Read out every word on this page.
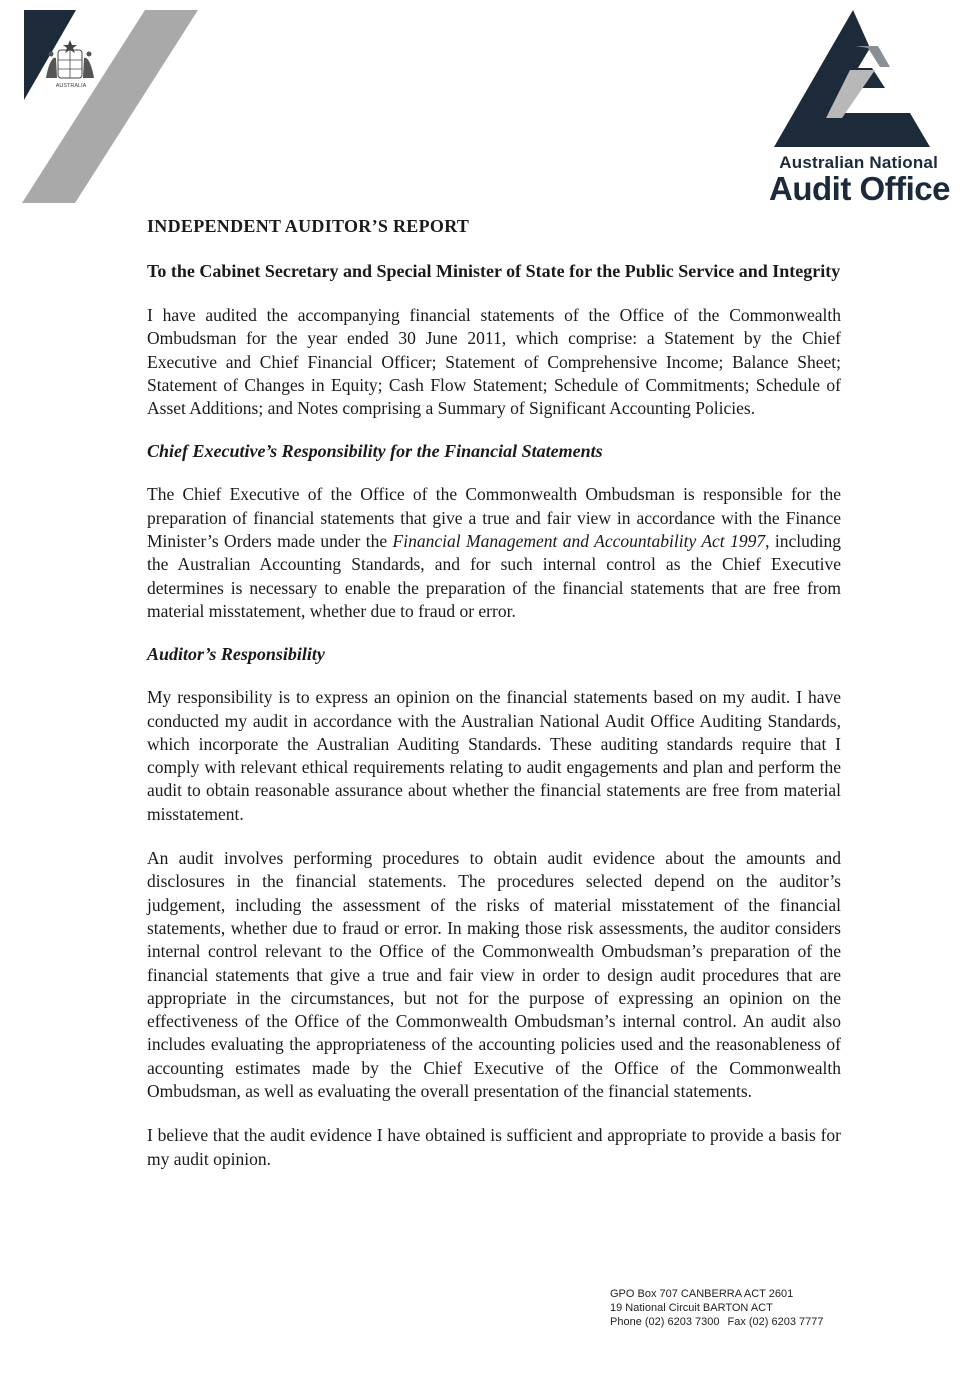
AUSTRALIA
Australian National
Audit Office
INDEPENDENT AUDITOR’S REPORT
To the Cabinet Secretary and Special Minister of State for the Public Service and Integrity

I have audited the accompanying financial statements of the Office of the Commonwealth Ombudsman for the year ended 30 June 2011, which comprise: a Statement by the Chief Executive and Chief Financial Officer; Statement of Comprehensive Income; Balance Sheet; Statement of Changes in Equity; Cash Flow Statement; Schedule of Commitments; Schedule of Asset Additions; and Notes comprising a Summary of Significant Accounting Policies.

Chief Executive’s Responsibility for the Financial Statements

The Chief Executive of the Office of the Commonwealth Ombudsman is responsible for the preparation of financial statements that give a true and fair view in accordance with the Finance Minister’s Orders made under the Financial Management and Accountability Act 1997, including the Australian Accounting Standards, and for such internal control as the Chief Executive determines is necessary to enable the preparation of the financial statements that are free from material misstatement, whether due to fraud or error.

Auditor’s Responsibility

My responsibility is to express an opinion on the financial statements based on my audit. I have conducted my audit in accordance with the Australian National Audit Office Auditing Standards, which incorporate the Australian Auditing Standards. These auditing standards require that I comply with relevant ethical requirements relating to audit engagements and plan and perform the audit to obtain reasonable assurance about whether the financial statements are free from material misstatement.

An audit involves performing procedures to obtain audit evidence about the amounts and disclosures in the financial statements. The procedures selected depend on the auditor’s judgement, including the assessment of the risks of material misstatement of the financial statements, whether due to fraud or error. In making those risk assessments, the auditor considers internal control relevant to the Office of the Commonwealth Ombudsman’s preparation of the financial statements that give a true and fair view in order to design audit procedures that are appropriate in the circumstances, but not for the purpose of expressing an opinion on the effectiveness of the Office of the Commonwealth Ombudsman’s internal control. An audit also includes evaluating the appropriateness of the accounting policies used and the reasonableness of accounting estimates made by the Chief Executive of the Office of the Commonwealth Ombudsman, as well as evaluating the overall presentation of the financial statements.

I believe that the audit evidence I have obtained is sufficient and appropriate to provide a basis for my audit opinion.

GPO Box 707 CANBERRA ACT 2601
19 National Circuit BARTON ACT
Phone (02) 6203 7300 Fax (02) 6203 7777
